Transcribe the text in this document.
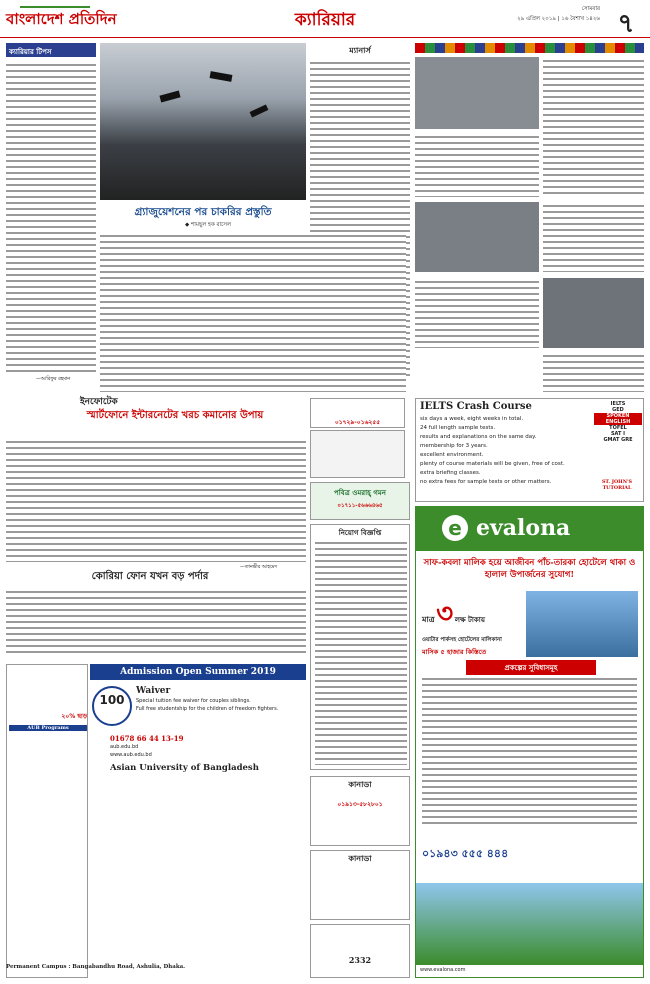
বাংলাদেশ প্রতিদিন	ক্যারিয়ার
সোমবার
২৯ এপ্রিল ২০১৯ | ১৬ বৈশাখ ১৪২৬ ৭
ক্যারিয়ার টিপস
—আরিফুর রহমান
ম্যানার্স
গ্র্যাজুয়েশনের পর চাকরির প্রস্তুতি
◆ শামছুল হক রাসেল
ইনফোটেক
স্মার্টফোনে ইন্টারনেটের খরচ কমানোর উপায়
—তানভীর আহমেদ
০১৭২৯-০১৬২৫৫
পবিত্র ওমরাহ্‌ গমন
০১৭১১-৫৬৬৬৪৬৫
IELTS Crash Course
six days a week, eight weeks in total.
24 full length sample tests.
results and explanations on the same day.
membership for 3 years.
excellent environment.
plenty of course materials will be given, free of cost.
extra briefing classes.
no extra fees for sample tests or other matters.
IELTS
GED
SPOKEN ENGLISH
TOFEL
SAT I
GMAT GRE
ST. JOHN'S TUTORIAL
নিয়োগ বিজ্ঞপ্তি	e evalona
সাফ-কবলা মালিক হয়ে আজীবন পাঁচ-তারকা হোটেলে থাকা ও হালাল উপার্জনের সুযোগ!
মাত্র ৩ লক্ষ টাকায়
ওয়াটার পার্কসহ হোটেলের মালিকানা
মাসিক ৫ হাজার কিস্তিতে
প্রকল্পের সুবিধাসমূহ
০১৯৪৩ ৫৫৫ ৪৪৪
www.evalona.com
কোরিয়া ফোন যখন বড় পর্দার
২০% ছাড়
AUB Programs
Admission Open Summer 2019
100
Waiver
Special tuition fee waiver for couples siblings.
Full free studentship for the children of freedom fighters.
01678 66 44 13-19
aub.edu.bd
www.aub.edu.bd
Asian University of Bangladesh
Permanent Campus : Bangabandhu Road, Ashulia, Dhaka.
কানাডা
০১৯১৩-৫৮২৮০১
কানাডা
2332
